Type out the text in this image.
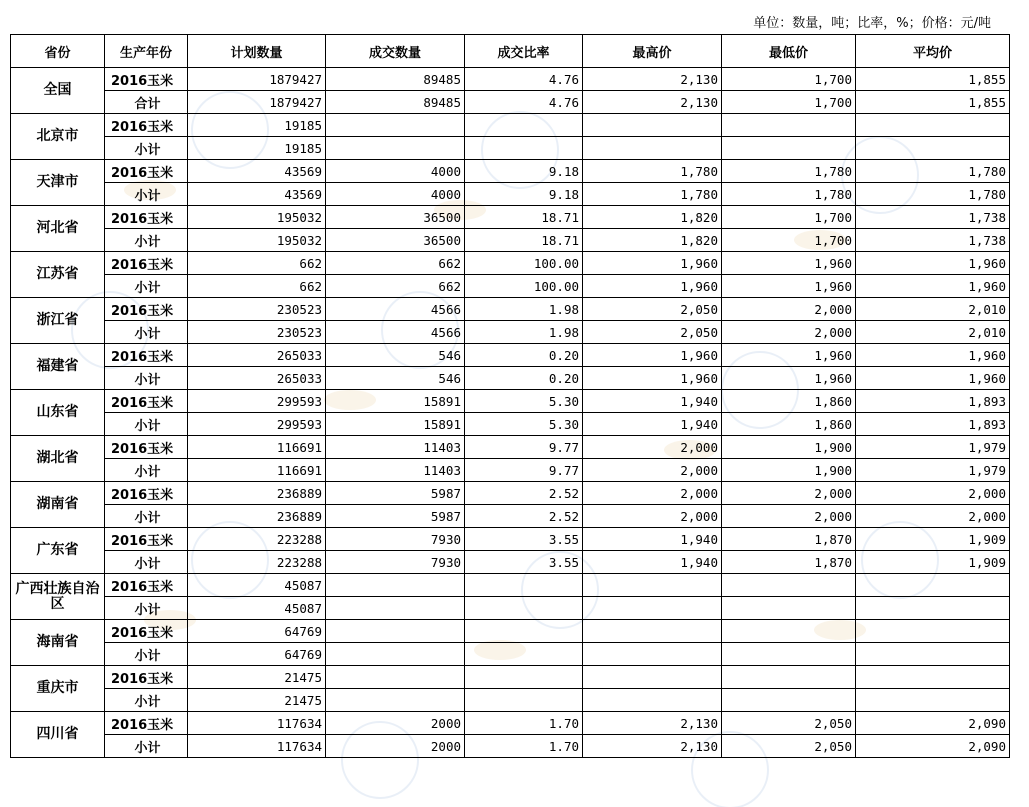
单位：数量，吨；比率，%；价格：元/吨
省份	生产年份	计划数量	成交数量	成交比率	最高价	最低价	平均价
全国	2016玉米	1879427	89485	4.76	2,130	1,700	1,855
	合计	1879427	89485	4.76	2,130	1,700	1,855
北京市	2016玉米	19185					
	小计	19185					
天津市	2016玉米	43569	4000	9.18	1,780	1,780	1,780
	小计	43569	4000	9.18	1,780	1,780	1,780
河北省	2016玉米	195032	36500	18.71	1,820	1,700	1,738
	小计	195032	36500	18.71	1,820	1,700	1,738
江苏省	2016玉米	662	662	100.00	1,960	1,960	1,960
	小计	662	662	100.00	1,960	1,960	1,960
浙江省	2016玉米	230523	4566	1.98	2,050	2,000	2,010
	小计	230523	4566	1.98	2,050	2,000	2,010
福建省	2016玉米	265033	546	0.20	1,960	1,960	1,960
	小计	265033	546	0.20	1,960	1,960	1,960
山东省	2016玉米	299593	15891	5.30	1,940	1,860	1,893
	小计	299593	15891	5.30	1,940	1,860	1,893
湖北省	2016玉米	116691	11403	9.77	2,000	1,900	1,979
	小计	116691	11403	9.77	2,000	1,900	1,979
湖南省	2016玉米	236889	5987	2.52	2,000	2,000	2,000
	小计	236889	5987	2.52	2,000	2,000	2,000
广东省	2016玉米	223288	7930	3.55	1,940	1,870	1,909
	小计	223288	7930	3.55	1,940	1,870	1,909
广西壮族自治区	2016玉米	45087					
	小计	45087					
海南省	2016玉米	64769					
	小计	64769					
重庆市	2016玉米	21475					
	小计	21475					
四川省	2016玉米	117634	2000	1.70	2,130	2,050	2,090
	小计	117634	2000	1.70	2,130	2,050	2,090
